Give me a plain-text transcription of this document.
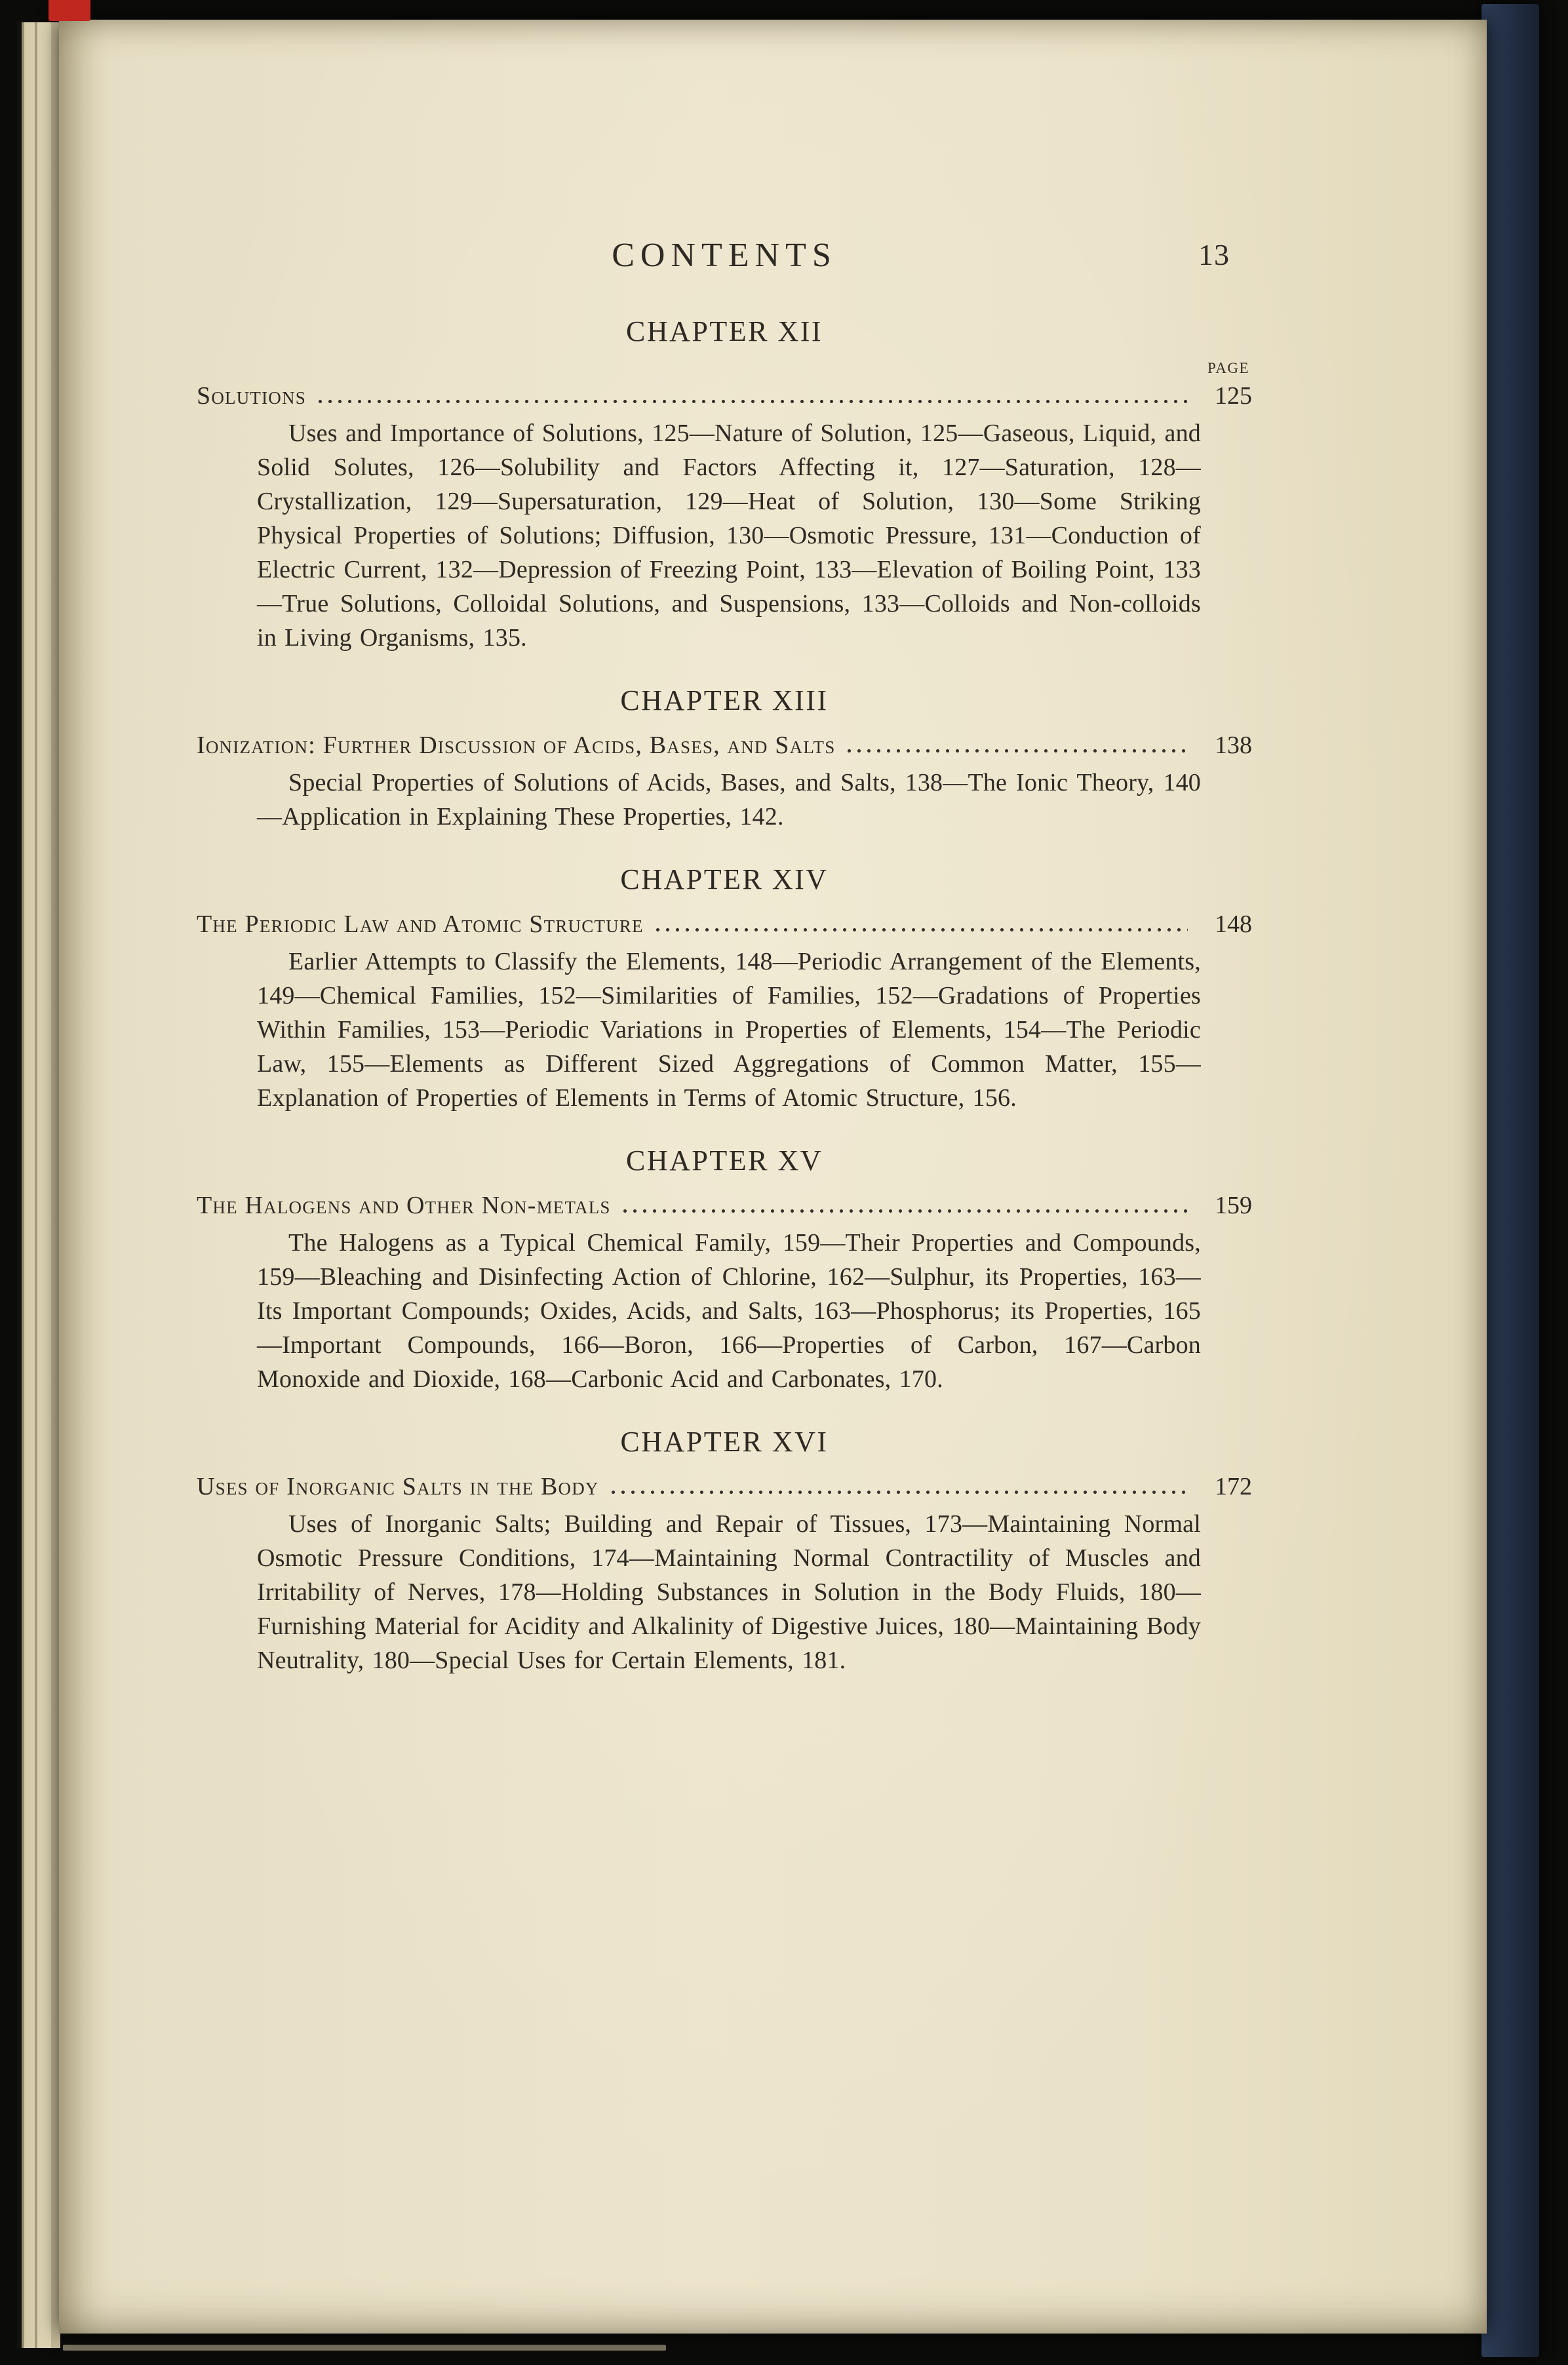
CONTENTS	13
CHAPTER XII
PAGE
Solutions	125

Uses and Importance of Solutions, 125—Nature of Solution, 125—Gaseous, Liquid, and Solid Solutes, 126—Solubility and Factors Affecting it, 127—Saturation, 128—Crystallization, 129—Supersaturation, 129—Heat of Solution, 130—Some Striking Physical Properties of Solutions; Diffusion, 130—Osmotic Pressure, 131—Conduction of Electric Current, 132—Depression of Freezing Point, 133—Elevation of Boiling Point, 133—True Solutions, Colloidal Solutions, and Suspensions, 133—Colloids and Non-colloids in Living Organisms, 135.

CHAPTER XIII
Ionization: Further Discussion of Acids, Bases, and Salts	138

Special Properties of Solutions of Acids, Bases, and Salts, 138—The Ionic Theory, 140—Application in Explaining These Properties, 142.

CHAPTER XIV
The Periodic Law and Atomic Structure	148

Earlier Attempts to Classify the Elements, 148—Periodic Arrangement of the Elements, 149—Chemical Families, 152—Similarities of Families, 152—Gradations of Properties Within Families, 153—Periodic Variations in Properties of Elements, 154—The Periodic Law, 155—Elements as Different Sized Aggregations of Common Matter, 155—Explanation of Properties of Elements in Terms of Atomic Structure, 156.

CHAPTER XV
The Halogens and Other Non-metals	159

The Halogens as a Typical Chemical Family, 159—Their Properties and Compounds, 159—Bleaching and Disinfecting Action of Chlorine, 162—Sulphur, its Properties, 163—Its Important Compounds; Oxides, Acids, and Salts, 163—Phosphorus; its Properties, 165—Important Compounds, 166—Boron, 166—Properties of Carbon, 167—Carbon Monoxide and Dioxide, 168—Carbonic Acid and Carbonates, 170.

CHAPTER XVI
Uses of Inorganic Salts in the Body	172

Uses of Inorganic Salts; Building and Repair of Tissues, 173—Maintaining Normal Osmotic Pressure Conditions, 174—Maintaining Normal Contractility of Muscles and Irritability of Nerves, 178—Holding Substances in Solution in the Body Fluids, 180—Furnishing Material for Acidity and Alkalinity of Digestive Juices, 180—Maintaining Body Neutrality, 180—Special Uses for Certain Elements, 181.
